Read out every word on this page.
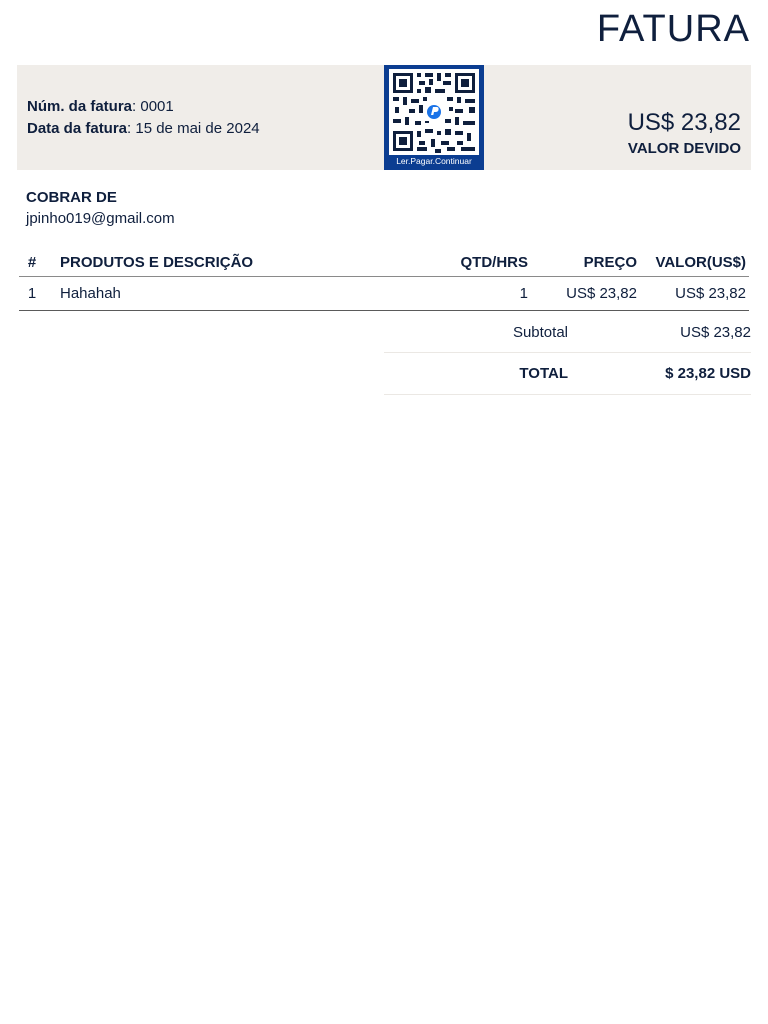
FATURA
Núm. da fatura: 0001
Data da fatura: 15 de mai de 2024	US$ 23,82
VALOR DEVIDO
Ler.Pagar.Continuar
COBRAR DE
jpinho019@gmail.com
#	PRODUTOS E DESCRIÇÃO	QTD/HRS	PREÇO	VALOR(US$)
1	Hahahah	1	US$ 23,82	US$ 23,82
Subtotal	US$ 23,82
TOTAL	$ 23,82 USD
